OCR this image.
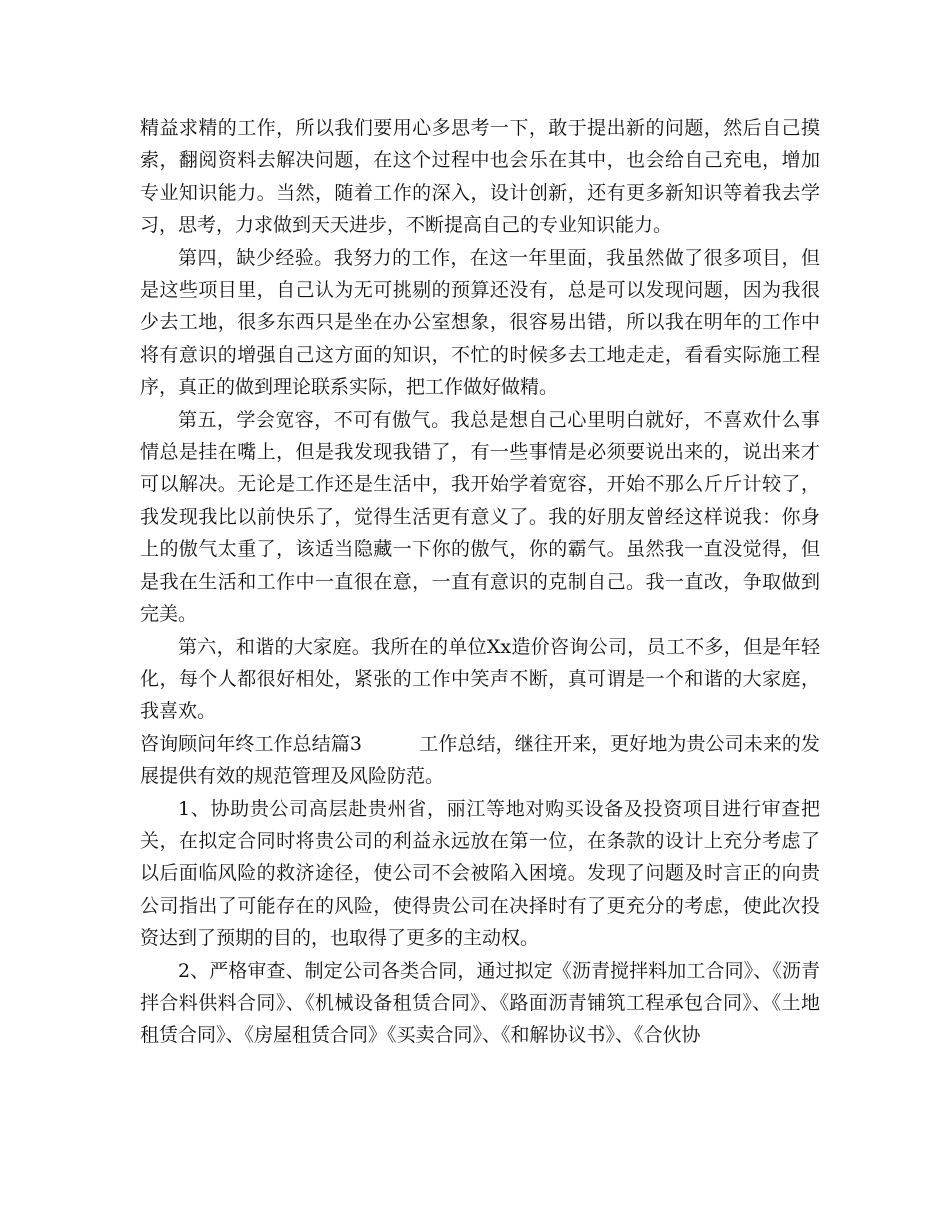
精益求精的工作，所以我们要用心多思考一下，敢于提出新的问题，然后自己摸索，翻阅资料去解决问题，在这个过程中也会乐在其中，也会给自己充电，增加专业知识能力。当然，随着工作的深入，设计创新，还有更多新知识等着我去学习，思考，力求做到天天进步，不断提高自己的专业知识能力。

第四，缺少经验。我努力的工作，在这一年里面，我虽然做了很多项目，但是这些项目里，自己认为无可挑剔的预算还没有，总是可以发现问题，因为我很少去工地，很多东西只是坐在办公室想象，很容易出错，所以我在明年的工作中将有意识的增强自己这方面的知识，不忙的时候多去工地走走，看看实际施工程序，真正的做到理论联系实际，把工作做好做精。

第五，学会宽容，不可有傲气。我总是想自己心里明白就好，不喜欢什么事情总是挂在嘴上，但是我发现我错了，有一些事情是必须要说出来的，说出来才可以解决。无论是工作还是生活中，我开始学着宽容，开始不那么斤斤计较了，我发现我比以前快乐了，觉得生活更有意义了。我的好朋友曾经这样说我：你身上的傲气太重了，该适当隐藏一下你的傲气，你的霸气。虽然我一直没觉得，但是我在生活和工作中一直很在意，一直有意识的克制自己。我一直改，争取做到完美。

第六，和谐的大家庭。我所在的单位Xx造价咨询公司，员工不多，但是年轻化，每个人都很好相处，紧张的工作中笑声不断，真可谓是一个和谐的大家庭，我喜欢。

咨询顾问年终工作总结篇3　　　工作总结，继往开来，更好地为贵公司未来的发展提供有效的规范管理及风险防范。

1、协助贵公司高层赴贵州省，丽江等地对购买设备及投资项目进行审查把关，在拟定合同时将贵公司的利益永远放在第一位，在条款的设计上充分考虑了以后面临风险的救济途径，使公司不会被陷入困境。发现了问题及时言正的向贵公司指出了可能存在的风险，使得贵公司在决择时有了更充分的考虑，使此次投资达到了预期的目的，也取得了更多的主动权。

2、严格审查、制定公司各类合同，通过拟定《沥青搅拌料加工合同》、《沥青拌合料供料合同》、《机械设备租赁合同》、《路面沥青铺筑工程承包合同》、《土地租赁合同》、《房屋租赁合同》《买卖合同》、《和解协议书》、《合伙协
